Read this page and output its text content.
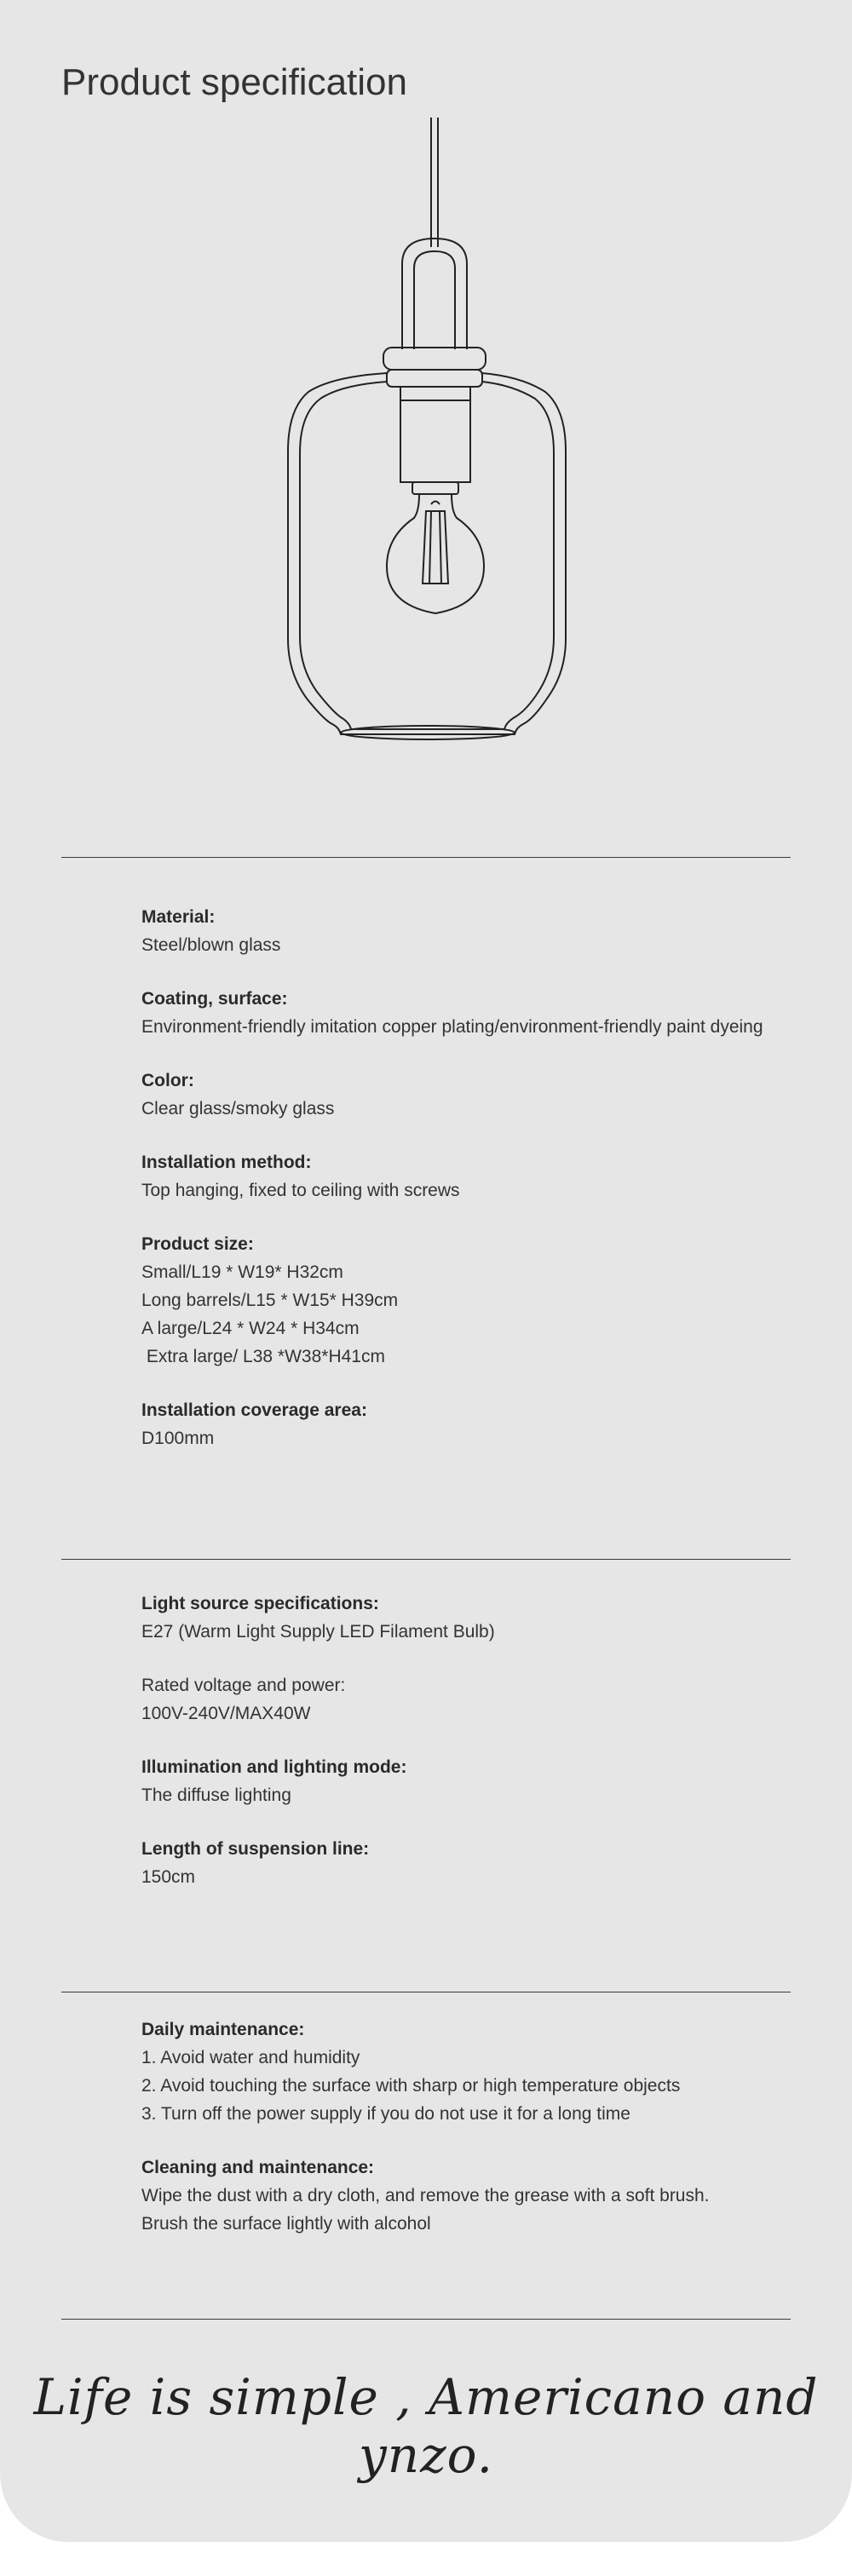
Product specification
Material:
Steel/blown glass
Coating, surface:
Environment-friendly imitation copper plating/environment-friendly paint dyeing
Color:
Clear glass/smoky glass
Installation method:
Top hanging, fixed to ceiling with screws
Product size:
Small/L19 * W19* H32cm
Long barrels/L15 * W15* H39cm
A large/L24 * W24 * H34cm
Extra large/ L38 *W38*H41cm
Installation coverage area:
D100mm
Light source specifications:
E27 (Warm Light Supply LED Filament Bulb)
Rated voltage and power:
100V-240V/MAX40W
Illumination and lighting mode:
The diffuse lighting
Length of suspension line:
150cm
Daily maintenance:
1. Avoid water and humidity
2. Avoid touching the surface with sharp or high temperature objects
3. Turn off the power supply if you do not use it for a long time
Cleaning and maintenance:
Wipe the dust with a dry cloth, and remove the grease with a soft brush.
Brush the surface lightly with alcohol
Life is simple , Americano and ynzo.
